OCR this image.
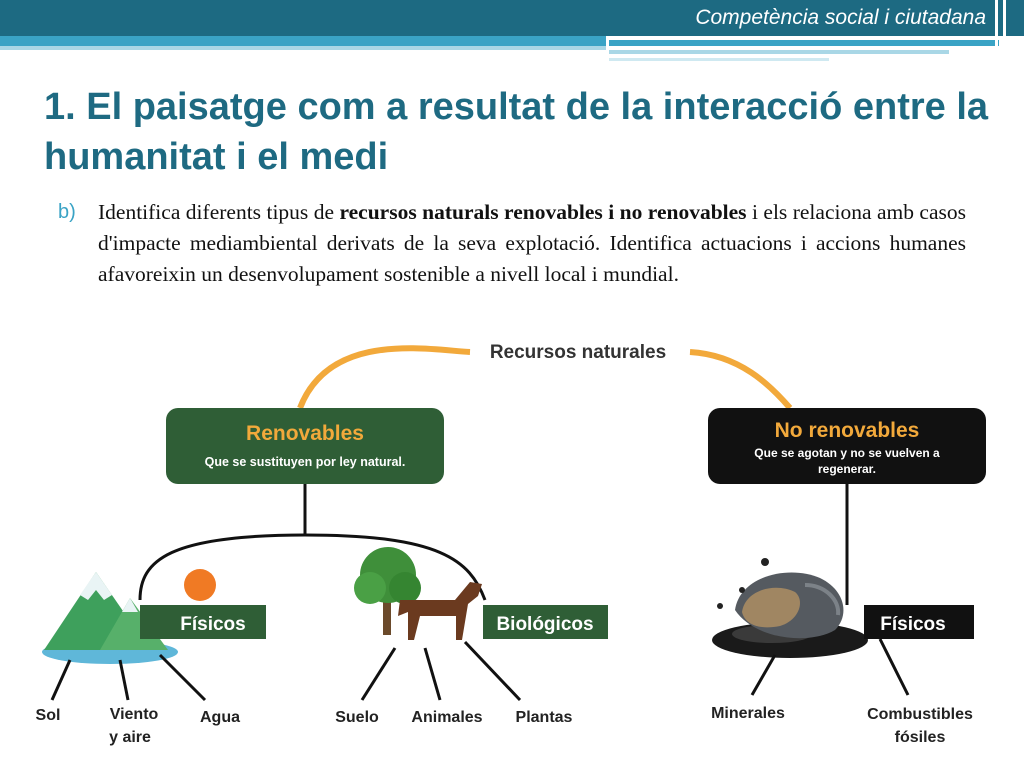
Competència social i ciutadana
1. El paisatge com a resultat de la interacció entre la humanitat i el medi
b)	Identifica diferents tipus de recursos naturals renovables i no renovables i els relaciona amb casos d'impacte mediambiental derivats de la seva explotació. Identifica actuacions i accions humanes afavoreixin un desenvolupament sostenible a nivell local i mundial.
Recursos naturales
Renovables
Que se sustituyen por ley natural.
No renovables
Que se agotan y no se vuelven a
regenerar.
Físicos	Biológicos
Sol	Viento
y aire
Agua	Suelo Animales Plantas
Físicos
Minerales	Combustibles
fósiles
